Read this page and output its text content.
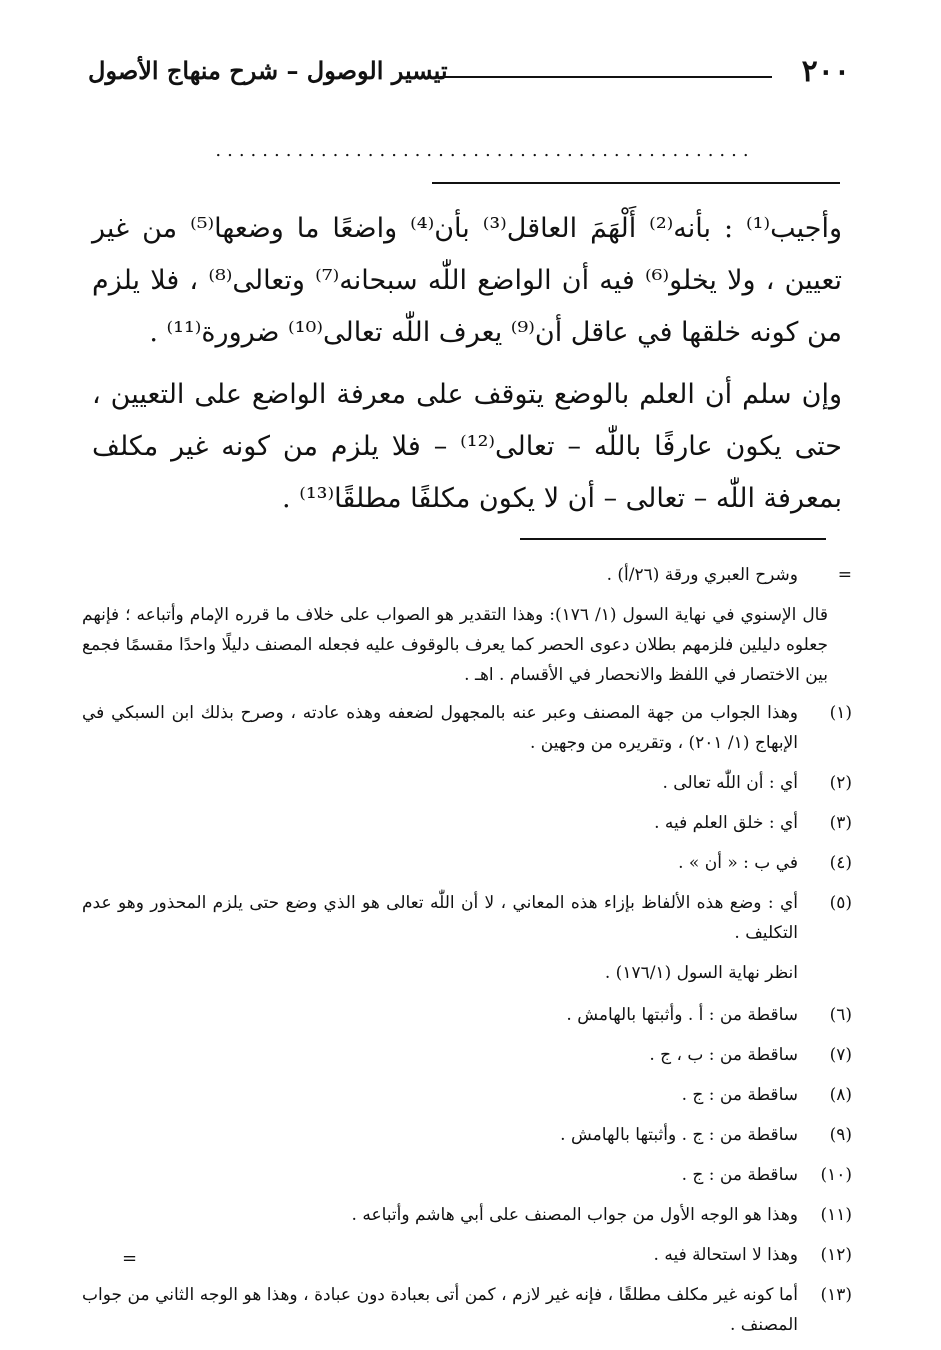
٢٠٠
تيسير الوصول – شرح منهاج الأصول
..............................................

وأجيب⁽¹⁾ : بأنه⁽²⁾ أَلْهَمَ العاقل⁽³⁾ بأن⁽⁴⁾ واضعًا ما وضعها⁽⁵⁾ من غير تعيين ، ولا يخلو⁽⁶⁾ فيه أن الواضع اللّٰه سبحانه⁽⁷⁾ وتعالى⁽⁸⁾ ، فلا يلزم من كونه خلقها في عاقل أن⁽⁹⁾ يعرف اللّٰه تعالى⁽¹⁰⁾ ضرورة⁽¹¹⁾ .

وإن سلم أن العلم بالوضع يتوقف على معرفة الواضع على التعيين ، حتى يكون عارفًا باللّٰه – تعالى⁽¹²⁾ – فلا يلزم من كونه غير مكلف بمعرفة اللّٰه – تعالى – أن لا يكون مكلفًا مطلقًا⁽¹³⁾ .

=
وشرح العبري ورقة (٢٦/أ) .
قال الإسنوي في نهاية السول (١/ ١٧٦): وهذا التقدير هو الصواب على خلاف ما قرره الإمام وأتباعه ؛ فإنهم جعلوه دليلين فلزمهم بطلان دعوى الحصر كما يعرف بالوقوف عليه فجعله المصنف دليلًا واحدًا مقسمًا فجمع بين الاختصار في اللفظ والانحصار في الأقسام . اهـ .
(١)
وهذا الجواب من جهة المصنف وعبر عنه بالمجهول لضعفه وهذه عادته ، وصرح بذلك ابن السبكي في الإبهاج (١/ ٢٠١) ، وتقريره من وجهين .
(٢)
أي : أن اللّٰه تعالى .
(٣)
أي : خلق العلم فيه .
(٤)
في ب : « أن » .
(٥)
أي : وضع هذه الألفاظ بإزاء هذه المعاني ، لا أن اللّٰه تعالى هو الذي وضع حتى يلزم المحذور وهو عدم التكليف .
انظر نهاية السول (١٧٦/١) .
(٦)
ساقطة من : أ . وأثبتها بالهامش .
(٧)
ساقطة من : ب ، ج .
(٨)
ساقطة من : ج .
(٩)
ساقطة من : ج . وأثبتها بالهامش .
(١٠)
ساقطة من : ج .
(١١)
وهذا هو الوجه الأول من جواب المصنف على أبي هاشم وأتباعه .
(١٢)
وهذا لا استحالة فيه .
(١٣)
أما كونه غير مكلف مطلقًا ، فإنه غير لازم ، كمن أتى بعبادة دون عبادة ، وهذا هو الوجه الثاني من جواب المصنف .
=
